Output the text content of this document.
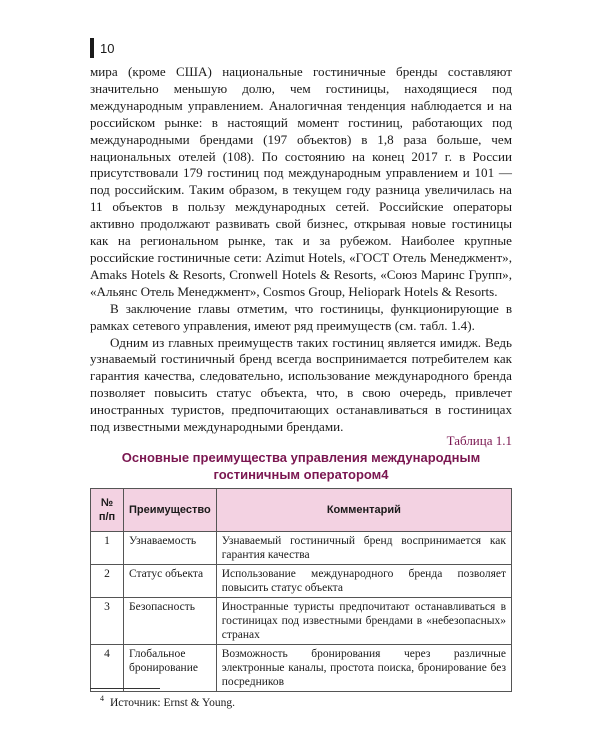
10

мира (кроме США) национальные гостиничные бренды составляют значительно меньшую долю, чем гостиницы, находящиеся под международным управлением. Аналогичная тенденция наблюдается и на российском рынке: в настоящий момент гостиниц, работающих под международными брендами (197 объектов) в 1,8 раза больше, чем национальных отелей (108). По состоянию на конец 2017 г. в России присутствовали 179 гостиниц под международным управлением и 101 — под российским. Таким образом, в текущем году разница увеличилась на 11 объектов в пользу международных сетей. Российские операторы активно продолжают развивать свой бизнес, открывая новые гостиницы как на региональном рынке, так и за рубежом. Наиболее крупные российские гостиничные сети: Azimut Hotels, «ГОСТ Отель Менеджмент», Amaks Hotels & Resorts, Cronwell Hotels & Resorts, «Союз Маринс Групп», «Альянс Отель Менеджмент», Cosmos Group, Heliopark Hotels & Resorts.

В заключение главы отметим, что гостиницы, функционирующие в рамках сетевого управления, имеют ряд преимуществ (см. табл. 1.4).

Одним из главных преимуществ таких гостиниц является имидж. Ведь узнаваемый гостиничный бренд всегда воспринимается потребителем как гарантия качества, следовательно, использование международного бренда позволяет повысить статус объекта, что, в свою очередь, привлечет иностранных туристов, предпочитающих останавливаться в гостиницах под известными международными брендами.

Таблица 1.1
Основные преимущества управления международным гостиничным оператором4
№ п/п	Преимущество	Комментарий
1	Узнаваемость	Узнаваемый гостиничный бренд воспринимается как гарантия качества
2	Статус объекта	Использование международного бренда позволяет повысить статус объекта
3	Безопасность	Иностранные туристы предпочитают останавливаться в гостиницах под известными брендами в «небезопасных» странах
4	Глобальное бронирование	Возможность бронирования через различные электронные каналы, простота поиска, бронирование без посредников
$^4$ Источник: Ernst & Young.
